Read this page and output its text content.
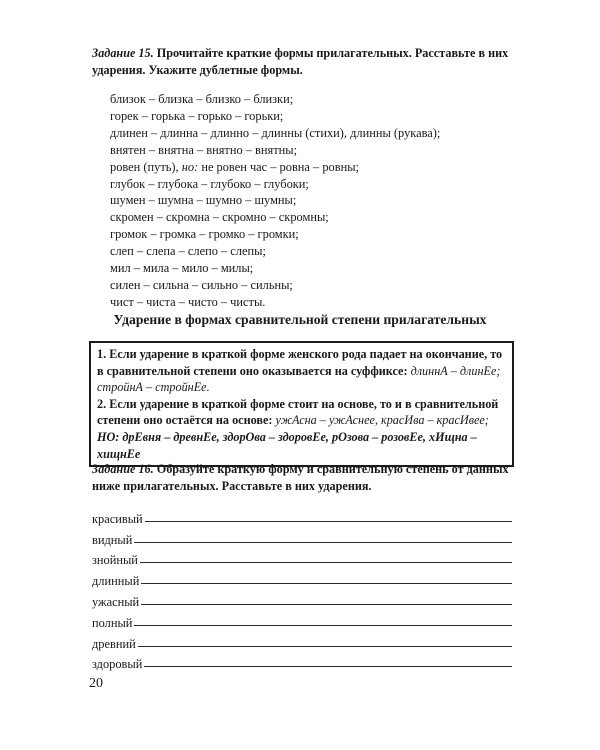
Задание 15. Прочитайте краткие формы прилагательных. Расставьте в них ударения. Укажите дублетные формы.
близок – близка – близко – близки;
горек – горька – горько – горьки;
длинен – длинна – длинно – длинны (стихи), длинны (рукава);
внятен – внятна – внятно – внятны;
ровен (путь), но: не ровен час – ровна – ровны;
глубок – глубока – глубоко – глубоки;
шумен – шумна – шумно – шумны;
скромен – скромна – скромно – скромны;
громок – громка – громко – громки;
слеп – слепа – слепо – слепы;
мил – мила – мило – милы;
силен – сильна – сильно – сильны;
чист – чиста – чисто – чисты.
Ударение в формах сравнительной степени прилагательных

1. Если ударение в краткой форме женского рода падает на окончание, то в сравнительной степени оно оказывается на суффиксе: длиннА – длинЕе; стройнА – стройнЕе.

2. Если ударение в краткой форме стоит на основе, то и в сравнительной степени оно остаётся на основе: ужАсна – ужАснее, красИва – красИвее; НО: дрЕвня – древнЕе, здорОва – здоровЕе, рОзова – розовЕе, хИщна – хищнЕе

Задание 16. Образуйте краткую форму и сравнительную степень от данных ниже прилагательных. Расставьте в них ударения.
красивый
видный
знойный
длинный
ужасный
полный
древний
здоровый
20
